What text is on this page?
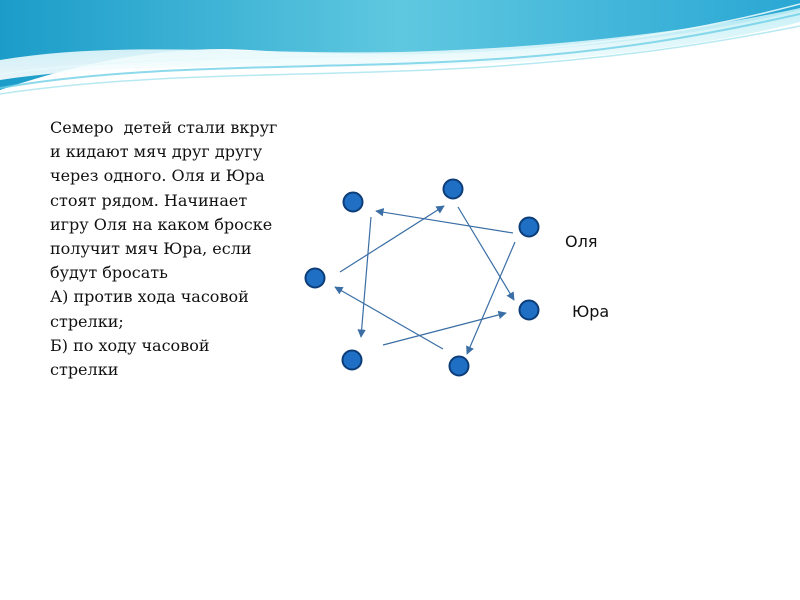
Семеро  детей стали вкруг
и кидают мяч друг другу
через одного. Оля и Юра
стоят рядом. Начинает
игру Оля на каком броске
получит мяч Юра, если
будут бросать
А) против хода часовой
стрелки;
Б) по ходу часовой
стрелки
Оля
Юра
